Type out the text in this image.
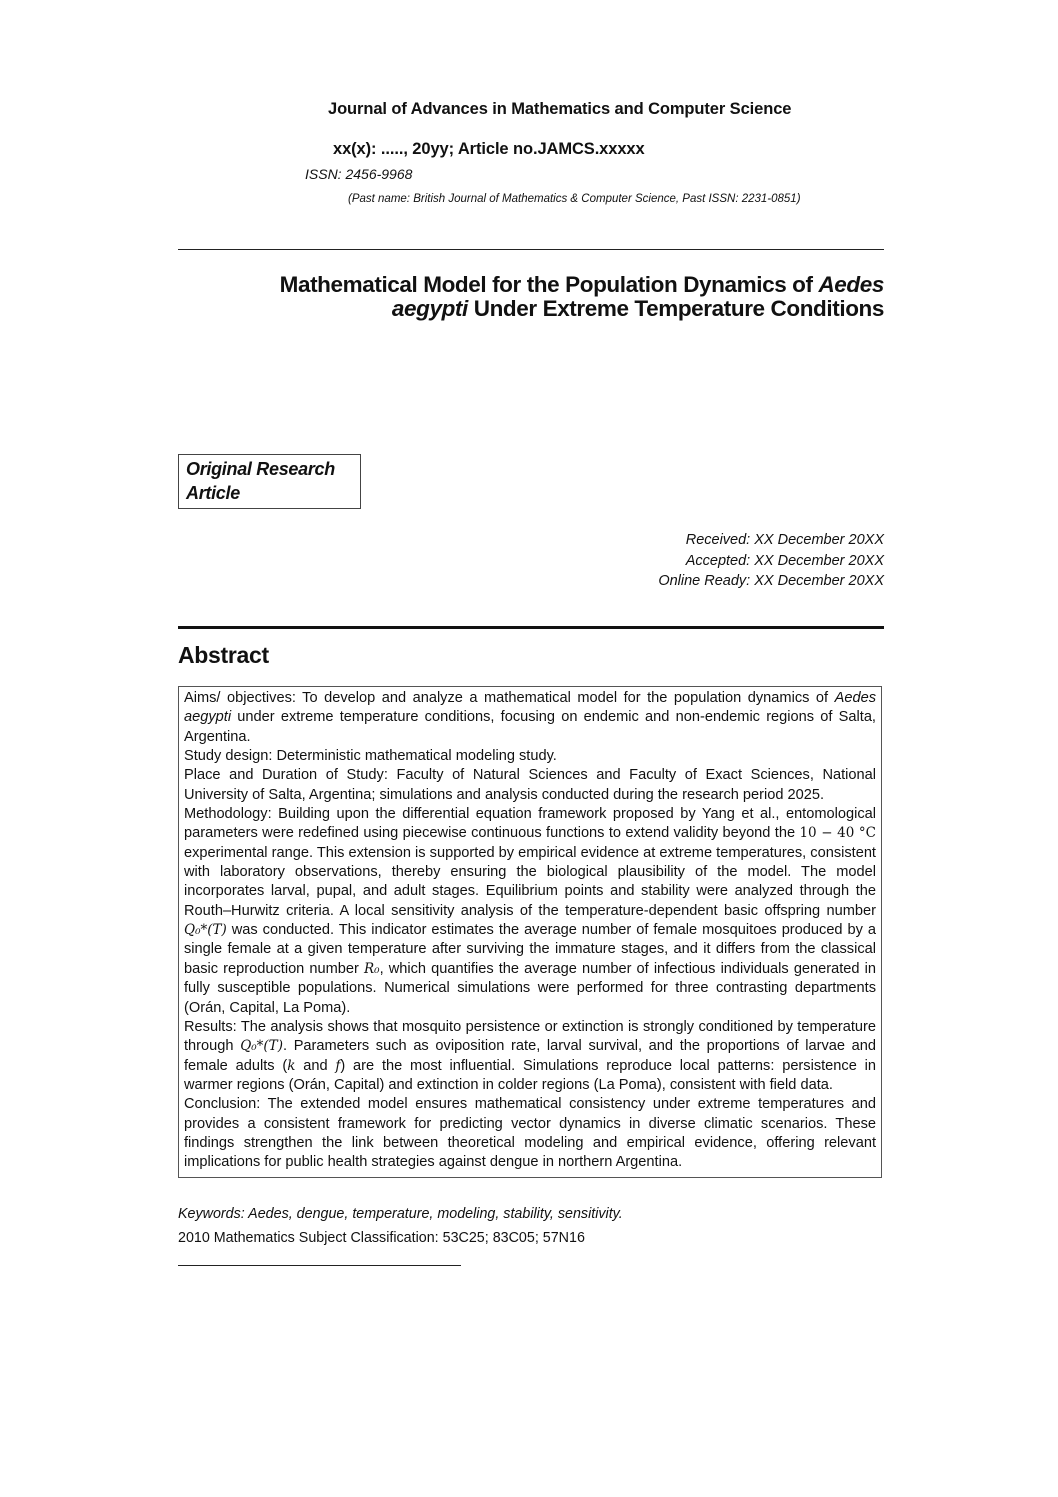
Journal of Advances in Mathematics and Computer Science
xx(x): ....., 20yy; Article no.JAMCS.xxxxx
ISSN: 2456-9968
(Past name: British Journal of Mathematics & Computer Science, Past ISSN: 2231-0851)
Mathematical Model for the Population Dynamics of Aedes
aegypti Under Extreme Temperature Conditions
Original Research
Article
Received: XX December 20XX
Accepted: XX December 20XX
Online Ready: XX December 20XX
Abstract

Aims/ objectives: To develop and analyze a mathematical model for the population dynamics of Aedes aegypti under extreme temperature conditions, focusing on endemic and non-endemic regions of Salta, Argentina.

Study design: Deterministic mathematical modeling study.

Place and Duration of Study: Faculty of Natural Sciences and Faculty of Exact Sciences, National University of Salta, Argentina; simulations and analysis conducted during the research period 2025.

Methodology: Building upon the differential equation framework proposed by Yang et al., entomological parameters were redefined using piecewise continuous functions to extend validity beyond the 10 − 40 °C experimental range. This extension is supported by empirical evidence at extreme temperatures, consistent with laboratory observations, thereby ensuring the biological plausibility of the model. The model incorporates larval, pupal, and adult stages. Equilibrium points and stability were analyzed through the Routh–Hurwitz criteria. A local sensitivity analysis of the temperature-dependent basic offspring number Q₀*(T) was conducted. This indicator estimates the average number of female mosquitoes produced by a single female at a given temperature after surviving the immature stages, and it differs from the classical basic reproduction number R₀, which quantifies the average number of infectious individuals generated in fully susceptible populations. Numerical simulations were performed for three contrasting departments (Orán, Capital, La Poma).

Results: The analysis shows that mosquito persistence or extinction is strongly conditioned by temperature through Q₀*(T). Parameters such as oviposition rate, larval survival, and the proportions of larvae and female adults (k and f) are the most influential. Simulations reproduce local patterns: persistence in warmer regions (Orán, Capital) and extinction in colder regions (La Poma), consistent with field data.

Conclusion: The extended model ensures mathematical consistency under extreme temperatures and provides a consistent framework for predicting vector dynamics in diverse climatic scenarios. These findings strengthen the link between theoretical modeling and empirical evidence, offering relevant implications for public health strategies against dengue in northern Argentina.

Keywords: Aedes, dengue, temperature, modeling, stability, sensitivity.
2010 Mathematics Subject Classification: 53C25; 83C05; 57N16
